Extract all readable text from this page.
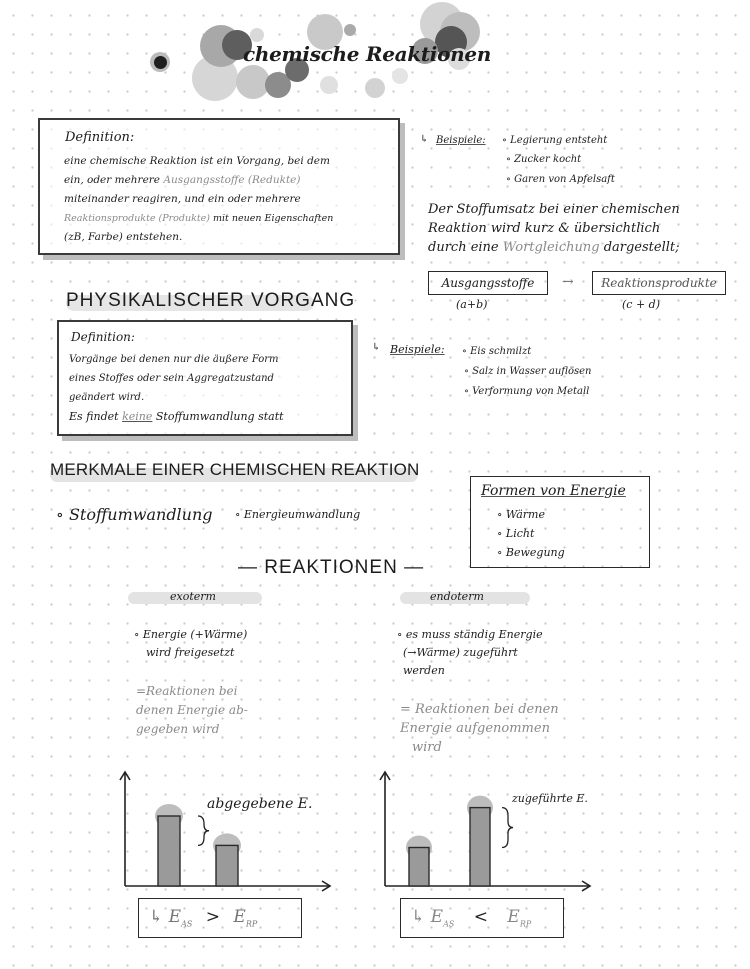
chemische Reaktionen
Definition:
eine chemische Reaktion ist ein Vorgang, bei dem
ein, oder mehrere Ausgangsstoffe (Redukte)
miteinander reagiren, und ein oder mehrere
Reaktionsprodukte (Produkte) mit neuen Eigenschaften
(zB, Farbe) entstehen.
↳ Beispiele:	∘ Legierung entsteht
∘ Zucker kocht
∘ Garen von Apfelsaft
Der Stoffumsatz bei einer chemischen
Reaktion wird kurz & übersichtlich
durch eine Wortgleichung dargestellt;
Ausgangsstoffe
(a+b)
→	Reaktionsprodukte
(c + d)
PHYSIKALISCHER VORGANG
Definition:
Vorgänge bei denen nur die äußere Form
eines Stoffes oder sein Aggregatzustand
geändert wird.
Es findet keine Stoffumwandlung statt
↳ Beispiele:	∘ Eis schmilzt
∘ Salz in Wasser auflösen
∘ Verformung von Metall
MERKMALE EINER CHEMISCHEN REAKTION
∘ Stoffumwandlung	∘ Energieumwandlung
Formen von Energie
∘ Wärme
∘ Licht
∘ Bewegung
— REAKTIONEN —
exoterm
∘ Energie (+Wärme)
wird freigesetzt
=Reaktionen bei
denen Energie ab-
gegeben wird
endoterm
∘ es muss ständig Energie
(→Wärme) zugeführt
werden
= Reaktionen bei denen
Energie aufgenommen
wird
abgegebene E.	zugeführte E.
↳ $E_{AS} > E_{RP}$	↳ $E_{AS} < E_{RP}$
